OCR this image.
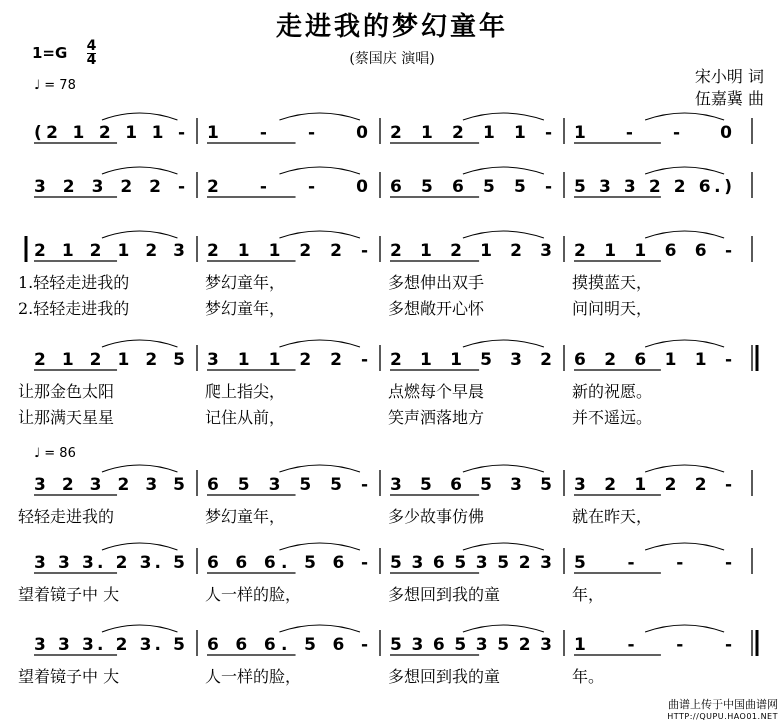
走进我的梦幻童年
(蔡国庆 演唱)
$1=G \frac{4}{4}$
♩ = 78
♩ = 86
宋小明 词
伍嘉冀 曲
(2 1 2 1 1 - 1 - - 0 2 1 2 1 1 - 1 - - 0
3 2 3 2 2 - 2 - - 0 6 5 6 5 5 - 5 3 3 2 2 6.)
2 1 2 1 2 3 2 1 1 2 2 - 2 1 2 1 2 3 2 1 1 6 6 -
1.轻轻走进我的	梦幻童年，	多想伸出双手	摸摸蓝天，
2.轻轻走进我的	梦幻童年，	多想敞开心怀	问问明天，
2 1 2 1 2 5 3 1 1 2 2 - 2 1 1 5 3 2 6 2 6 1 1 -
让那金色太阳	爬上指尖，	点燃每个早晨	新的祝愿。
让那满天星星	记住从前，	笑声洒落地方	并不遥远。
3 2 3 2 3 5 6 5 3 5 5 - 3 5 6 5 3 5 3 2 1 2 2 -
轻轻走进我的	梦幻童年，	多少故事仿佛	就在昨天，
3 3 3. 2 3. 5 6 6 6. 5 6 - 5 3 6 5 3 5 2 3 5 - - -
望着镜子中 大	人一样的脸，	多想回到我的童	年，
3 3 3. 2 3. 5 6 6 6. 5 6 - 5 3 6 5 3 5 2 3 1 - - -
望着镜子中 大	人一样的脸，	多想回到我的童	年。
曲谱上传于中国曲谱网
HTTP://QUPU.HAO01.NET
